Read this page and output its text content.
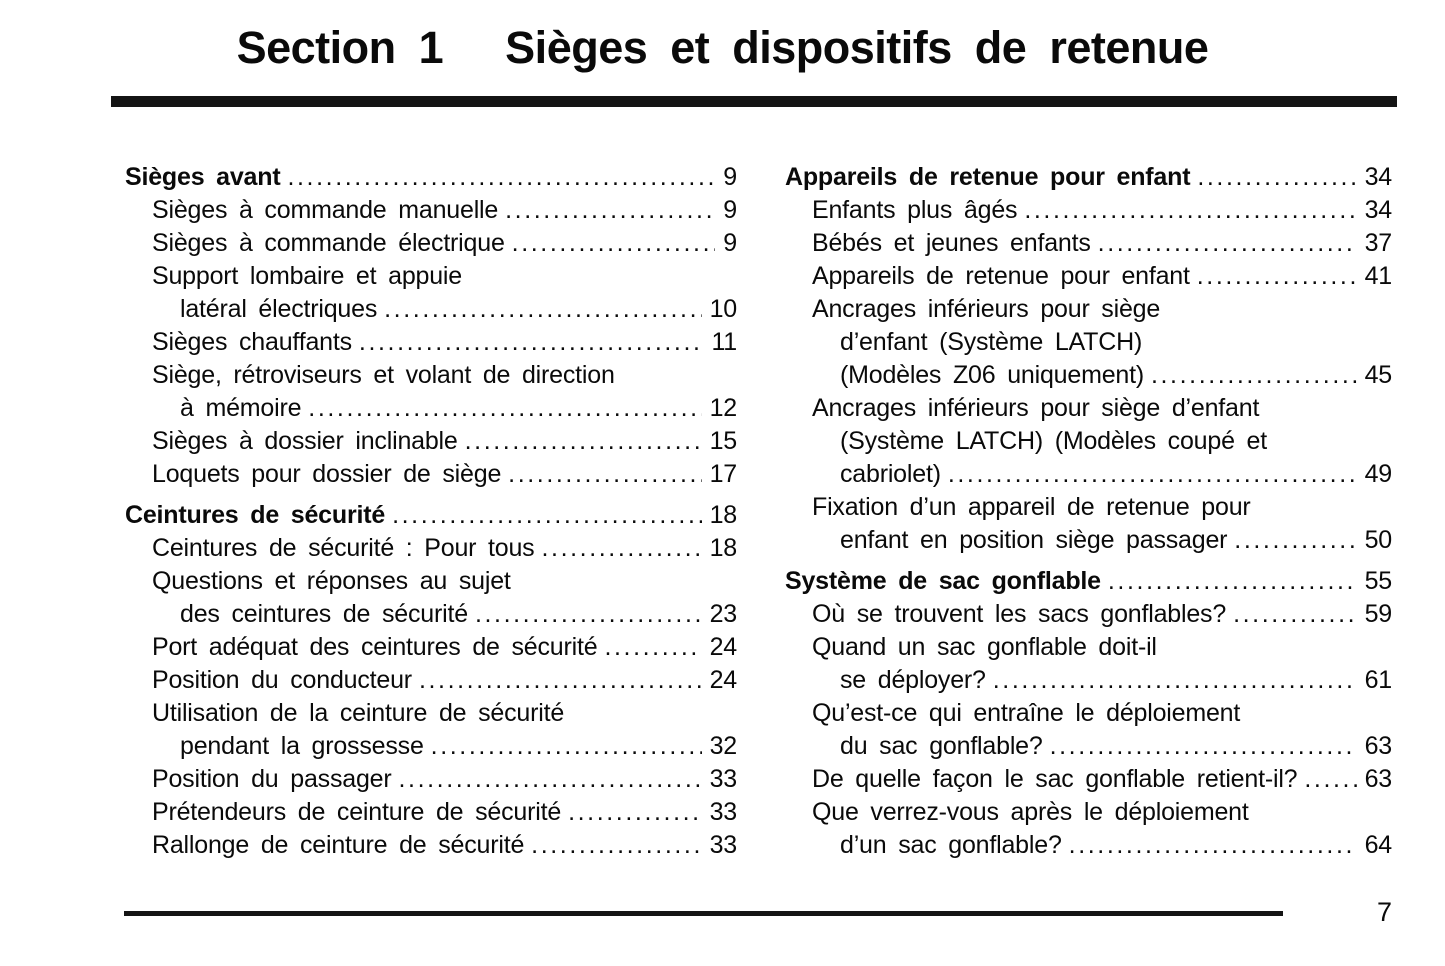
Section 1 Sièges et dispositifs de retenue
Sièges avant .....	9
Sièges à commande manuelle .....	9
Sièges à commande électrique .....	9
Support lombaire et appuie
latéral électriques .....	10
Sièges chauffants .....	11
Siège, rétroviseurs et volant de direction
à mémoire .....	12
Sièges à dossier inclinable .....	15
Loquets pour dossier de siège .....	17
Ceintures de sécurité .....	18
Ceintures de sécurité : Pour tous .....	18
Questions et réponses au sujet
des ceintures de sécurité .....	23
Port adéquat des ceintures de sécurité .....	24
Position du conducteur .....	24
Utilisation de la ceinture de sécurité
pendant la grossesse .....	32
Position du passager .....	33
Prétendeurs de ceinture de sécurité .....	33
Rallonge de ceinture de sécurité .....	33
Appareils de retenue pour enfant .....	34
Enfants plus âgés .....	34
Bébés et jeunes enfants .....	37
Appareils de retenue pour enfant .....	41
Ancrages inférieurs pour siège
d’enfant (Système LATCH)
(Modèles Z06 uniquement) .....	45
Ancrages inférieurs pour siège d’enfant
(Système LATCH) (Modèles coupé et
cabriolet) .....	49
Fixation d’un appareil de retenue pour
enfant en position siège passager .....	50
Système de sac gonflable .....	55
Où se trouvent les sacs gonflables? .....	59
Quand un sac gonflable doit-il
se déployer? .....	61
Qu’est-ce qui entraîne le déploiement
du sac gonflable? .....	63
De quelle façon le sac gonflable retient-il? .....	63
Que verrez-vous après le déploiement
d’un sac gonflable? .....	64
7
